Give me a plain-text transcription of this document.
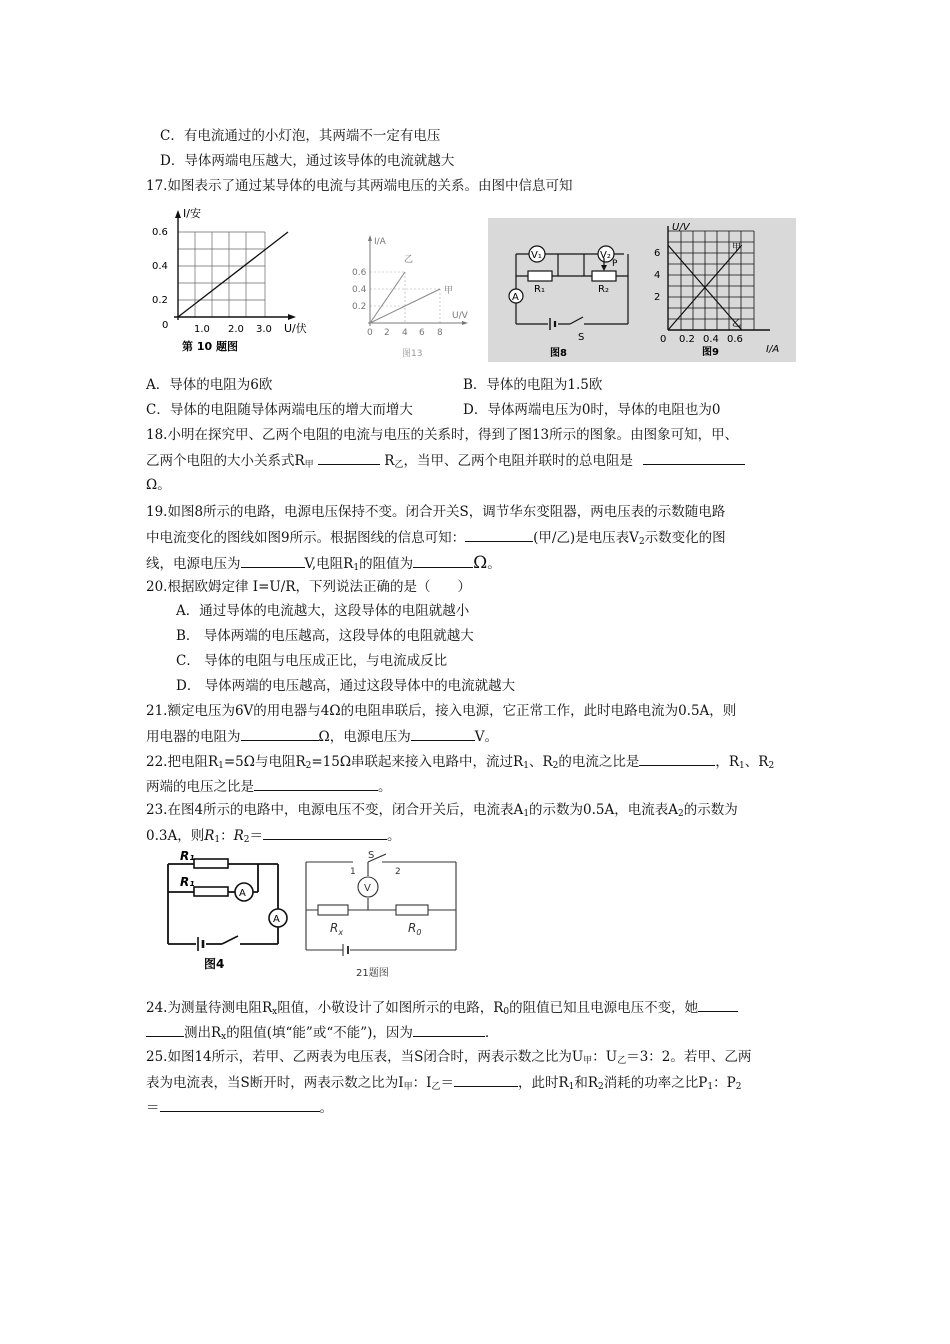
C．有电流通过的小灯泡，其两端不一定有电压
D．导体两端电压越大，通过该导体的电流就越大
17.如图表示了通过某导体的电流与其两端电压的关系。由图中信息可知
I/安
0.6
0.4
0.2
0	1.0 2.0 3.0 U/伏
第 10 题图
I/A
U/V
乙
甲
0.6
0.4
0.2
0 2 4 6 8
图13
V₁	V₂
R₁	R₂
P
A
S
图8
U/V
甲
乙
6
4
2
0 0.2 0.4 0.6
I/A
图9
A．导体的电阻为6欧	B．导体的电阻为1.5欧
C．导体的电阻随导体两端电压的增大而增大	D．导体两端电压为0时，导体的电阻也为0
18.小明在探究甲、乙两个电阻的电流与电压的关系时，得到了图13所示的图象。由图象可知，甲、
乙两个电阻的大小关系式$R_甲$	$R_乙$，当甲、乙两个电阻并联时的总电阻是
Ω。
19.如图8所示的电路，电源电压保持不变。闭合开关S，调节华东变阻器，两电压表的示数随电路
中电流变化的图线如图9所示。根据图线的信息可知：	(甲/乙)是电压表$V_2$示数变化的图
线，电源电压为	V,电阻$R_1$的阻值为	Ω。
20.根据欧姆定律 I=U/R，下列说法正确的是（　　）
A．通过导体的电流越大，这段导体的电阻就越小
B． 导体两端的电压越高，这段导体的电阻就越大
C． 导体的电阻与电压成正比，与电流成反比
D． 导体两端的电压越高，通过这段导体中的电流就越大
21.额定电压为6V的用电器与4Ω的电阻串联后，接入电源，它正常工作，此时电路电流为0.5A，则
用电器的电阻为	Ω，电源电压为	V。
22.把电阻$R_1=5\Omega$与电阻$R_2=15\Omega$串联起来接入电路中，流过$R_1$、$R_2$的电流之比是	，$R_1$、$R_2$
两端的电压之比是	。
23.在图4所示的电路中，电源电压不变，闭合开关后，电流表$A_1$的示数为0.5A，电流表$A_2$的示数为
0.3A，则$R_1$：$R_2=$	。
R₁
R₁
A
A
图4
S
1	2
V
$R_x$	$R_0$
21题图
24.为测量待测电阻$R_x$阻值，小敬设计了如图所示的电路，$R_0$的阻值已知且电源电压不变，她
测出$R_x$的阻值(填“能”或“不能”)，因为	.
25.如图14所示，若甲、乙两表为电压表，当S闭合时，两表示数之比为$U_甲$：$U_乙=3$：2。若甲、乙两
表为电流表，当S断开时，两表示数之比为$I_甲$：$I_乙=$	，此时$R_1$和$R_2$消耗的功率之比$P_1$：$P_2$
＝	。
